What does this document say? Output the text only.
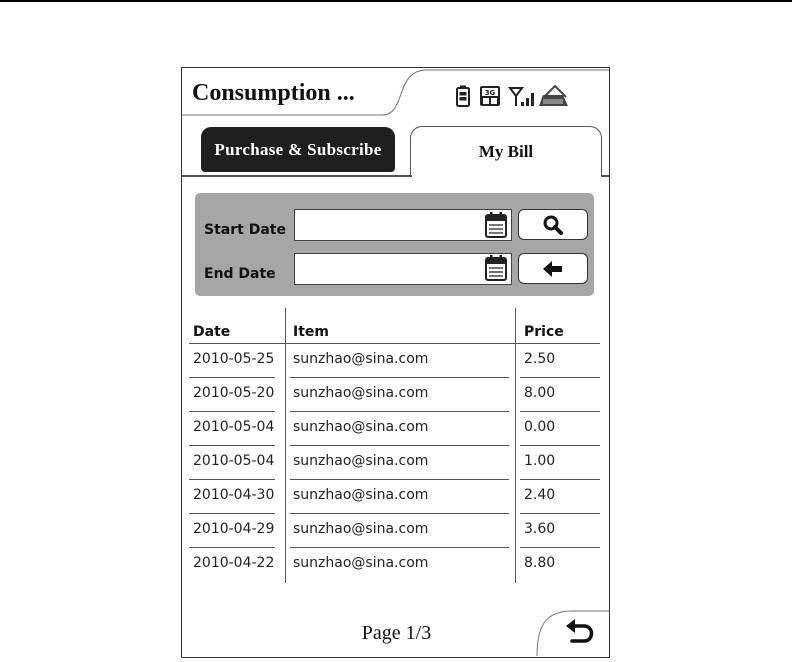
Consumption ...	3G
Purchase & Subscribe	My Bill
Start Date
End Date
Date	Item	Price
2010-05-25 sunzhao@sina.com	2.50
2010-05-20 sunzhao@sina.com	8.00
2010-05-04 sunzhao@sina.com	0.00
2010-05-04 sunzhao@sina.com	1.00
2010-04-30 sunzhao@sina.com	2.40
2010-04-29 sunzhao@sina.com	3.60
2010-04-22 sunzhao@sina.com	8.80
Page 1/3
